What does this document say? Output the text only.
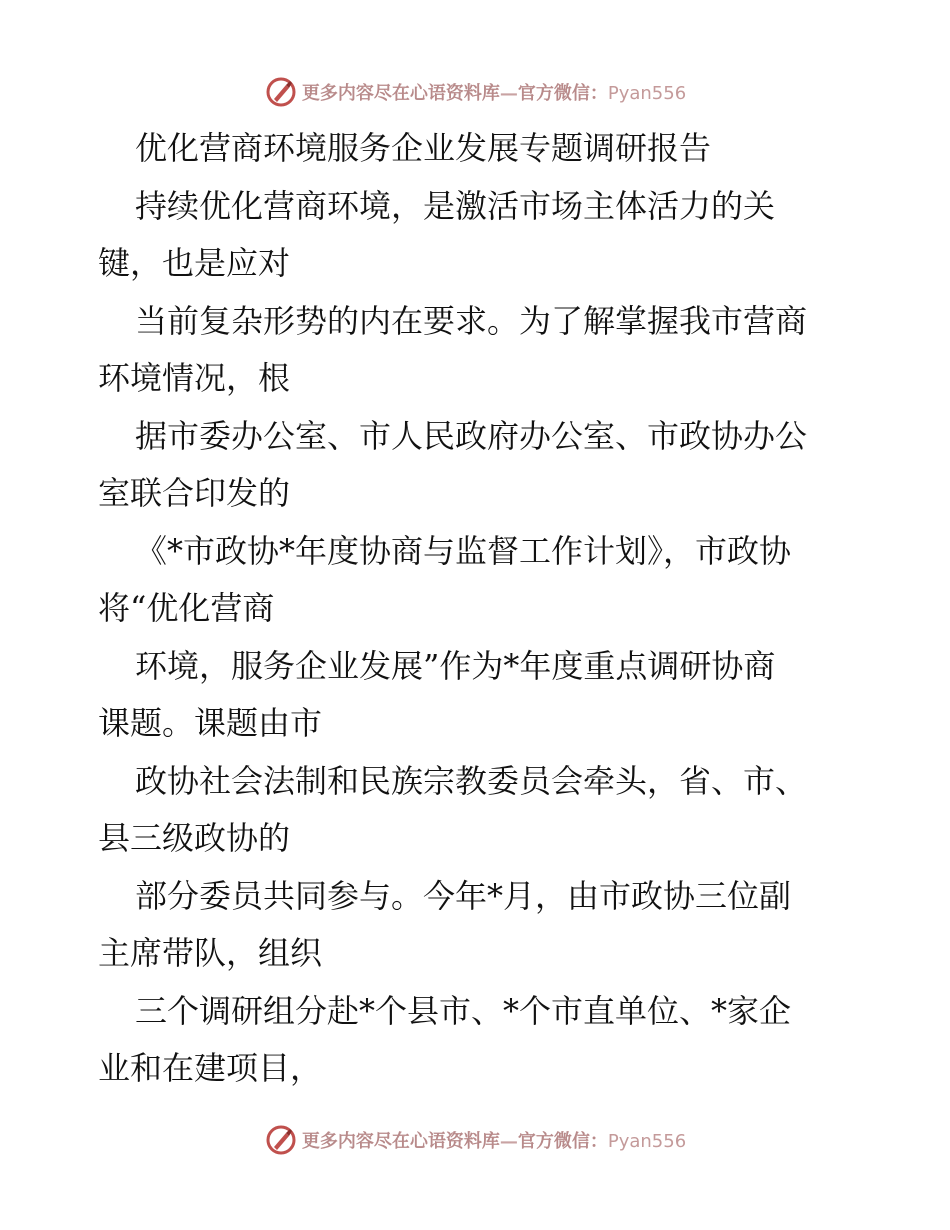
更多内容尽在心语资料库—官方微信：Pyan556
优化营商环境服务企业发展专题调研报告
持续优化营商环境，是激活市场主体活力的关
键，也是应对
当前复杂形势的内在要求。为了解掌握我市营商
环境情况，根
据市委办公室、市人民政府办公室、市政协办公
室联合印发的
《*市政协*年度协商与监督工作计划》，市政协
将“优化营商
环境，服务企业发展”作为*年度重点调研协商
课题。课题由市
政协社会法制和民族宗教委员会牵头，省、市、
县三级政协的
部分委员共同参与。今年*月，由市政协三位副
主席带队，组织
三个调研组分赴*个县市、*个市直单位、*家企
业和在建项目，
更多内容尽在心语资料库—官方微信：Pyan556
